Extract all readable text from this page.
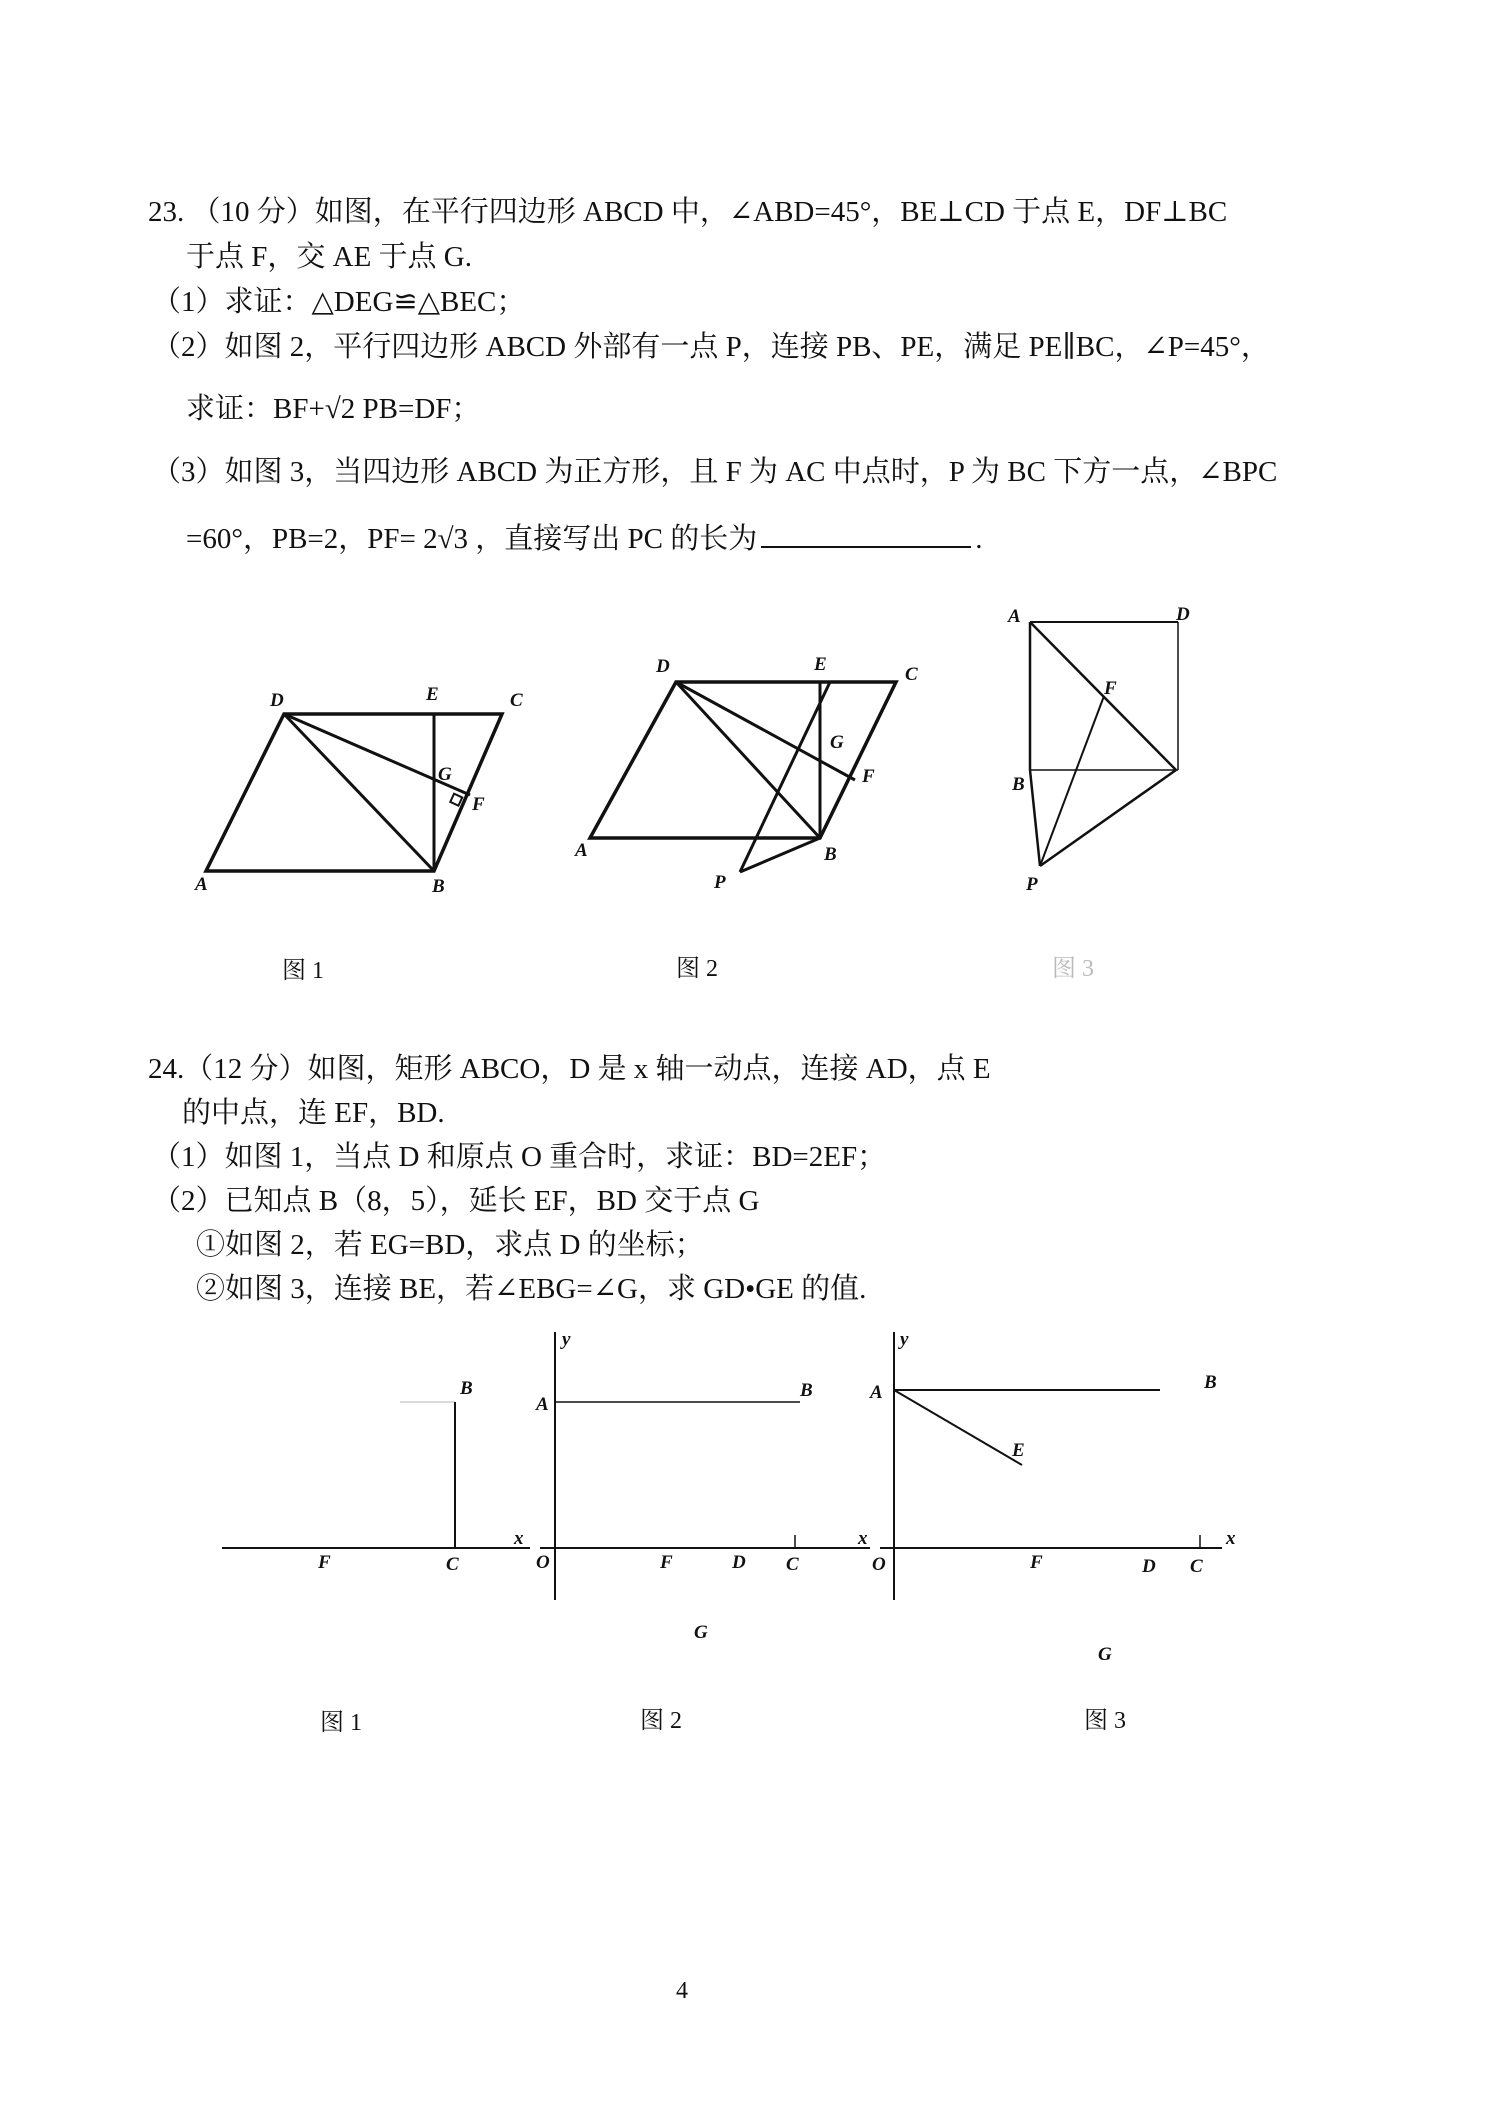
23. （10 分）如图，在平行四边形 ABCD 中，∠ABD=45°，BE⊥CD 于点 E，DF⊥BC
于点 F，交 AE 于点 G.
（1）求证：△DEG≌△BEC；
（2）如图 2，平行四边形 ABCD 外部有一点 P，连接 PB、PE，满足 PE∥BC，∠P=45°，
求证：BF+√2 PB=DF；
（3）如图 3，当四边形 ABCD 为正方形，且 F 为 AC 中点时，P 为 BC 下方一点，∠BPC
=60°，PB=2，PF= 2√3 ，直接写出 PC 的长为	.
D	E	C
G
F
A	B
D	E	C
G
F
A	B
P
A	D
F
B
P
B
F	C
x
y
A
B
O	F	D C
G
x
y
A	B
E
O	F	D C
G
x
图 1	图 2	图 3
24.（12 分）如图，矩形 ABCO，D 是 x 轴一动点，连接 AD，点 E
的中点，连 EF，BD.
（1）如图 1，当点 D 和原点 O 重合时，求证：BD=2EF；
（2）已知点 B（8，5），延长 EF，BD 交于点 G
①如图 2，若 EG=BD，求点 D 的坐标；
②如图 3，连接 BE，若∠EBG=∠G，求 GD•GE 的值.
图 1	图 2	图 3
4
